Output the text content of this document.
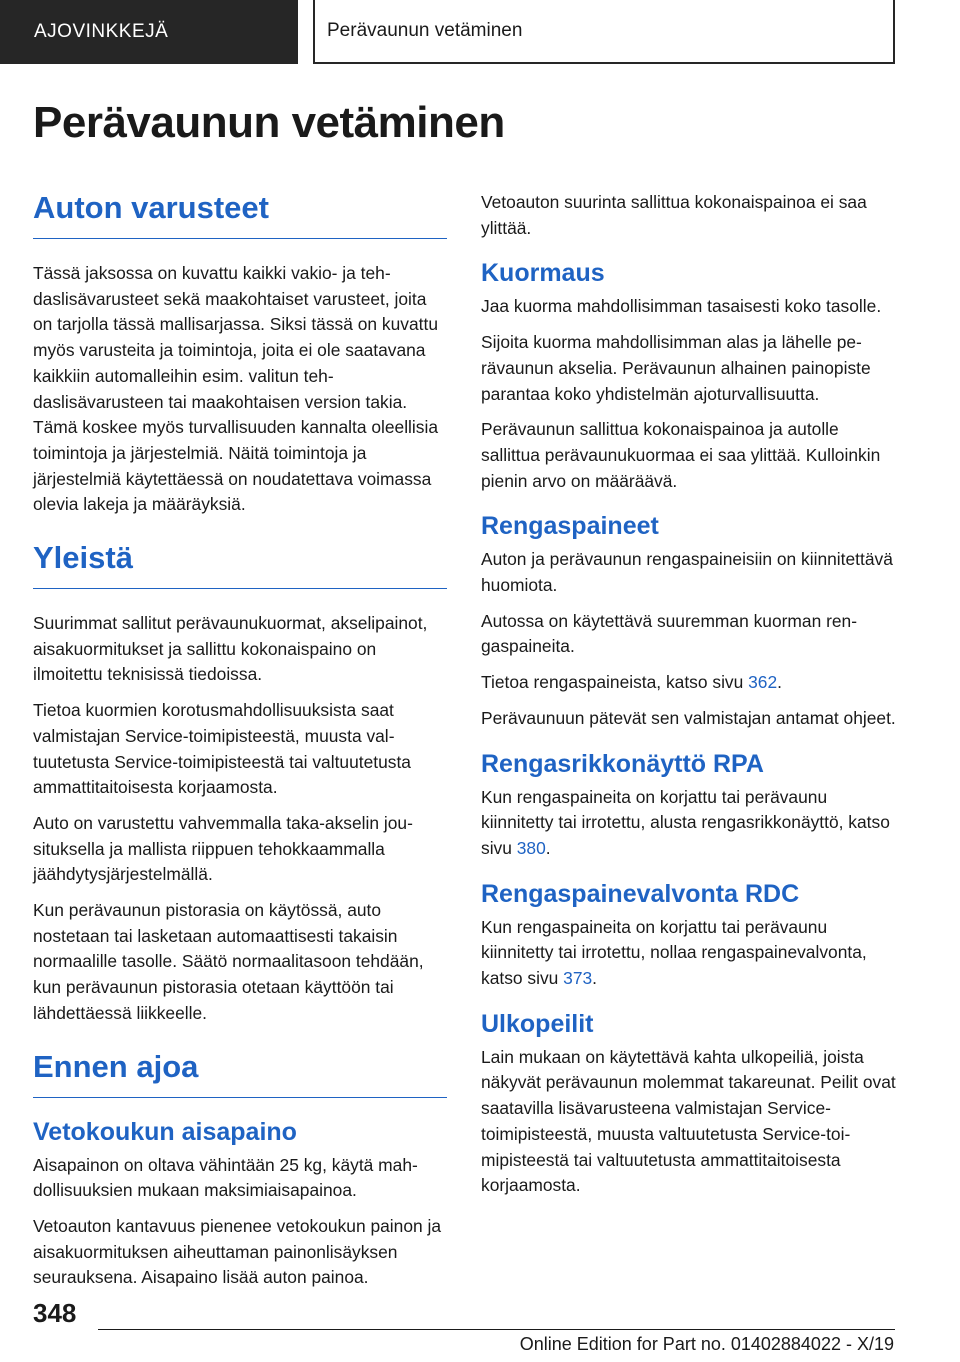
AJOVINKKEJÄ	Perävaunun vetäminen
Perävaunun vetäminen
Auton varusteet

Tässä jaksossa on kuvattu kaikki vakio- ja tehdaslisävarusteet sekä maakohtaiset varusteet, joita on tarjolla tässä mallisarjassa. Siksi tässä on kuvattu myös varusteita ja toimintoja, joita ei ole saatavana kaikkiin automalleihin esim. valitun tehdaslisävarusteen tai maakohtaisen version takia. Tämä koskee myös turvallisuuden kannalta oleellisia toimintoja ja järjestelmiä. Näitä toimintoja ja järjestelmiä käytettäessä on noudatettava voimassa olevia lakeja ja määräyksiä.

Yleistä

Suurimmat sallitut perävaunukuormat, akselipainot, aisakuormitukset ja sallittu kokonaispaino on ilmoitettu teknisissä tiedoissa.

Tietoa kuormien korotusmahdollisuuksista saat valmistajan Service-toimipisteestä, muusta valtuutetusta Service-toimipisteestä tai valtuutetusta ammattitaitoisesta korjaamosta.

Auto on varustettu vahvemmalla taka-akselin jousituksella ja mallista riippuen tehokkaammalla jäähdytysjärjestelmällä.

Kun perävaunun pistorasia on käytössä, auto nostetaan tai lasketaan automaattisesti takaisin normaalille tasolle. Säätö normaalitasoon tehdään, kun perävaunun pistorasia otetaan käyttöön tai lähdettäessä liikkeelle.

Ennen ajoa
Vetokoukun aisapaino

Aisapainon on oltava vähintään 25 kg, käytä mahdollisuuksien mukaan maksimiaisapainoa.

Vetoauton kantavuus pienenee vetokoukun painon ja aisakuormituksen aiheuttaman painonlisäyksen seurauksena. Aisapaino lisää auton painoa.

Vetoauton suurinta sallittua kokonaispainoa ei saa ylittää.

Kuormaus

Jaa kuorma mahdollisimman tasaisesti koko tasolle.

Sijoita kuorma mahdollisimman alas ja lähelle perävaunun akselia. Perävaunun alhainen painopiste parantaa koko yhdistelmän ajoturvallisuutta.

Perävaunun sallittua kokonaispainoa ja autolle sallittua perävaunukuormaa ei saa ylittää. Kulloinkin pienin arvo on määräävä.

Rengaspaineet

Auton ja perävaunun rengaspaineisiin on kiinnitettävä huomiota.

Autossa on käytettävä suuremman kuorman rengaspaineita.

Tietoa rengaspaineista, katso sivu 362.

Perävaunuun pätevät sen valmistajan antamat ohjeet.

Rengasrikkonäyttö RPA

Kun rengaspaineita on korjattu tai perävaunu kiinnitetty tai irrotettu, alusta rengasrikkonäyttö, katso sivu 380.

Rengaspainevalvonta RDC

Kun rengaspaineita on korjattu tai perävaunu kiinnitetty tai irrotettu, nollaa rengaspainevalvonta, katso sivu 373.

Ulkopeilit

Lain mukaan on käytettävä kahta ulkopeiliä, joista näkyvät perävaunun molemmat takareunat. Peilit ovat saatavilla lisävarusteena valmistajan Service-toimipisteestä, muusta valtuutetusta Service-toimipisteestä tai valtuutetusta ammattitaitoisesta korjaamosta.

348
Online Edition for Part no. 01402884022 - X/19
